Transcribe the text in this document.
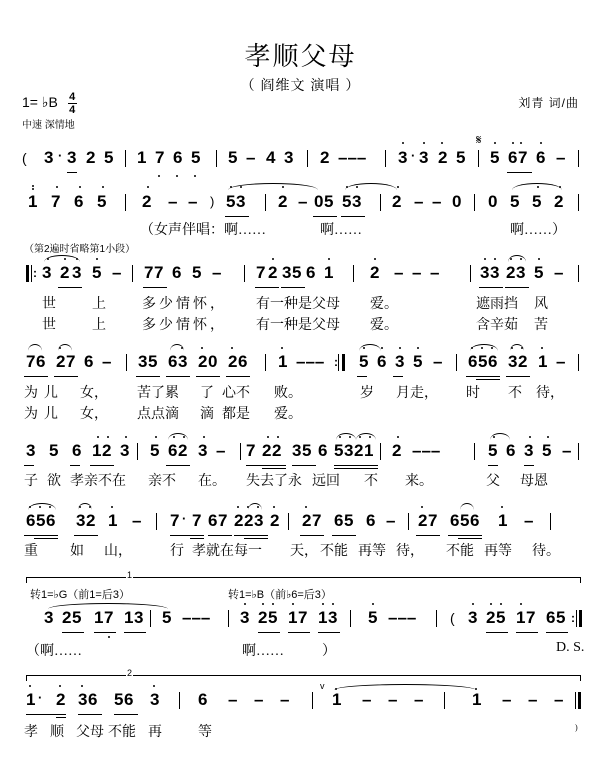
孝顺父母
（ 阎维文 演唱 ）
1= ♭B $\frac{4}{4}$
中速 深情地
刘青 词/曲
( 3 · 3 2 5 1 7 6 5 5 – 4 3 2 ––– 3 · 3 2 5
𝄋
5 6 7 6 –
1 7 6 5 2 – – ) 5 3 2 – 0 5 5 3 2 – – 0 0 5 5 2
（女声伴唱：啊……	啊……	啊……）
（第2遍时省略第1小段）
: 3 2 3 5 – 7 7 6 5 – 7 2 3 5 6 1 2 – – – 3 3 2 3 5 –
世	上	多少情怀， 有一种是父母 爱。	遮雨挡 风
世	上	多少情怀， 有一种是父母 爱。	含辛茹 苦
7 6 2 7 6 – 3 5 6 3 2 0 2 6 1 ––– : 5 6 3 5 – 6 5 6 3 2 1 –
为儿 女， 苦了累 了 心不 败。	岁 月走， 时 不 待，
为儿 女， 点点滴 滴 都是 爱。
3 5 6 1 2 3 5 6 2 3 – 7 2 2 3 5 6 5 3 2 1 2 –––	5 6 3 5 –
子 欲 孝亲不在 亲不 在。 失去了永 远回 不 来。	父 母恩
6 5 6 3 2 1 – 7 · 7 6 7 2 2 3 2 2 7 6 5 6 – 2 7 6 5 6 1 –
重 如 山，	行 孝就在每一 天， 不能 再等 待， 不能 再等 待。
1
转1=♭G（前1=后3）	转1=♭B（前♭6=后3）
3 2 5 1 7 1 3 5 ––– 3 2 5 1 7 1 3 5 ––– ( 3 2 5 1 7 6 5 :
（啊……	啊……	）	D. S.
2
1 · 2 3 6 5 6 3 6 – – –
v
1 – – –	1 – – –
孝 顺 父母 不能 再	等	)
